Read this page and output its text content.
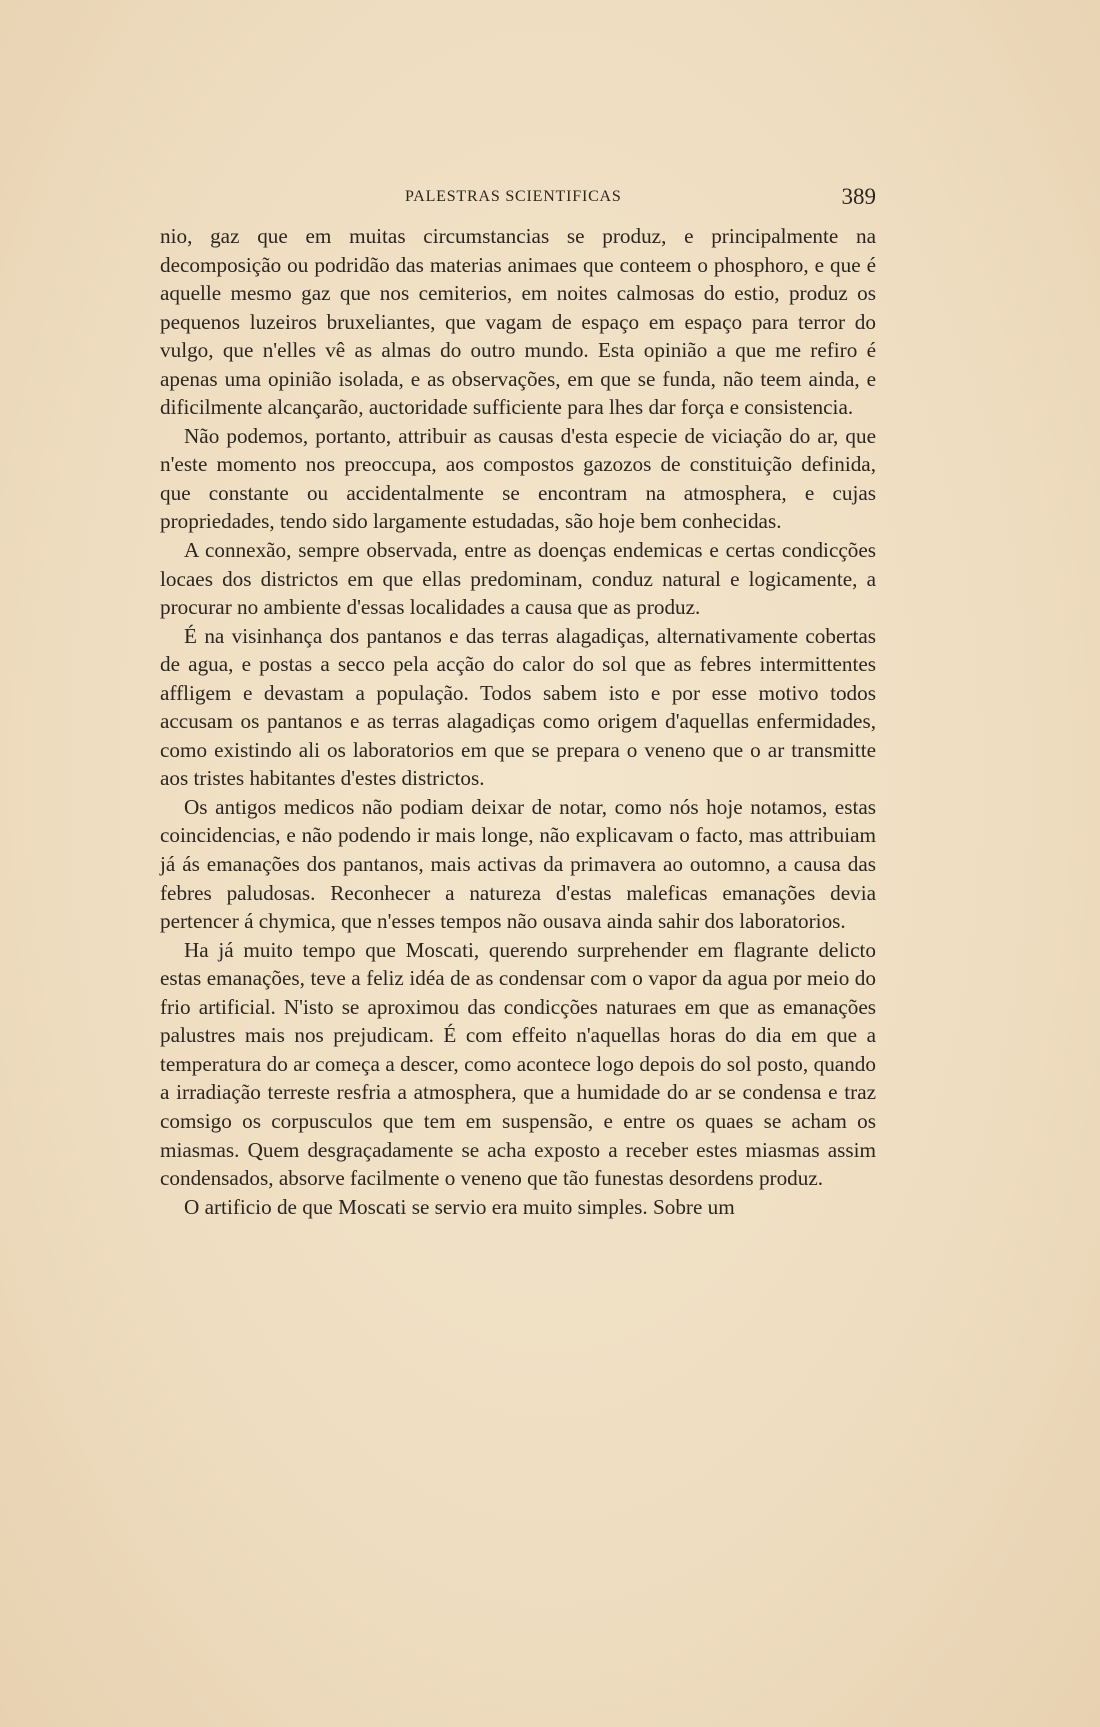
PALESTRAS SCIENTIFICAS	389

nio, gaz que em muitas circumstancias se produz, e principalmente na decomposição ou podridão das materias animaes que conteem o phosphoro, e que é aquelle mesmo gaz que nos cemiterios, em noites calmosas do estio, produz os pequenos luzeiros bruxeliantes, que vagam de espaço em espaço para terror do vulgo, que n'elles vê as almas do outro mundo. Esta opinião a que me refiro é apenas uma opinião isolada, e as observações, em que se funda, não teem ainda, e dificilmente alcançarão, auctoridade sufficiente para lhes dar força e consistencia.

Não podemos, portanto, attribuir as causas d'esta especie de viciação do ar, que n'este momento nos preoccupa, aos compostos gazozos de constituição definida, que constante ou accidentalmente se encontram na atmosphera, e cujas propriedades, tendo sido largamente estudadas, são hoje bem conhecidas.

A connexão, sempre observada, entre as doenças endemicas e certas condicções locaes dos districtos em que ellas predominam, conduz natural e logicamente, a procurar no ambiente d'essas localidades a causa que as produz.

É na visinhança dos pantanos e das terras alagadiças, alternativamente cobertas de agua, e postas a secco pela acção do calor do sol que as febres intermittentes affligem e devastam a população. Todos sabem isto e por esse motivo todos accusam os pantanos e as terras alagadiças como origem d'aquellas enfermidades, como existindo ali os laboratorios em que se prepara o veneno que o ar transmitte aos tristes habitantes d'estes districtos.

Os antigos medicos não podiam deixar de notar, como nós hoje notamos, estas coincidencias, e não podendo ir mais longe, não explicavam o facto, mas attribuiam já ás emanações dos pantanos, mais activas da primavera ao outomno, a causa das febres paludosas. Reconhecer a natureza d'estas maleficas emanações devia pertencer á chymica, que n'esses tempos não ousava ainda sahir dos laboratorios.

Ha já muito tempo que Moscati, querendo surprehender em flagrante delicto estas emanações, teve a feliz idéa de as condensar com o vapor da agua por meio do frio artificial. N'isto se aproximou das condicções naturaes em que as emanações palustres mais nos prejudicam. É com effeito n'aquellas horas do dia em que a temperatura do ar começa a descer, como acontece logo depois do sol posto, quando a irradiação terreste resfria a atmosphera, que a humidade do ar se condensa e traz comsigo os corpusculos que tem em suspensão, e entre os quaes se acham os miasmas. Quem desgraçadamente se acha exposto a receber estes miasmas assim condensados, absorve facilmente o veneno que tão funestas desordens produz.

O artificio de que Moscati se servio era muito simples. Sobre um
